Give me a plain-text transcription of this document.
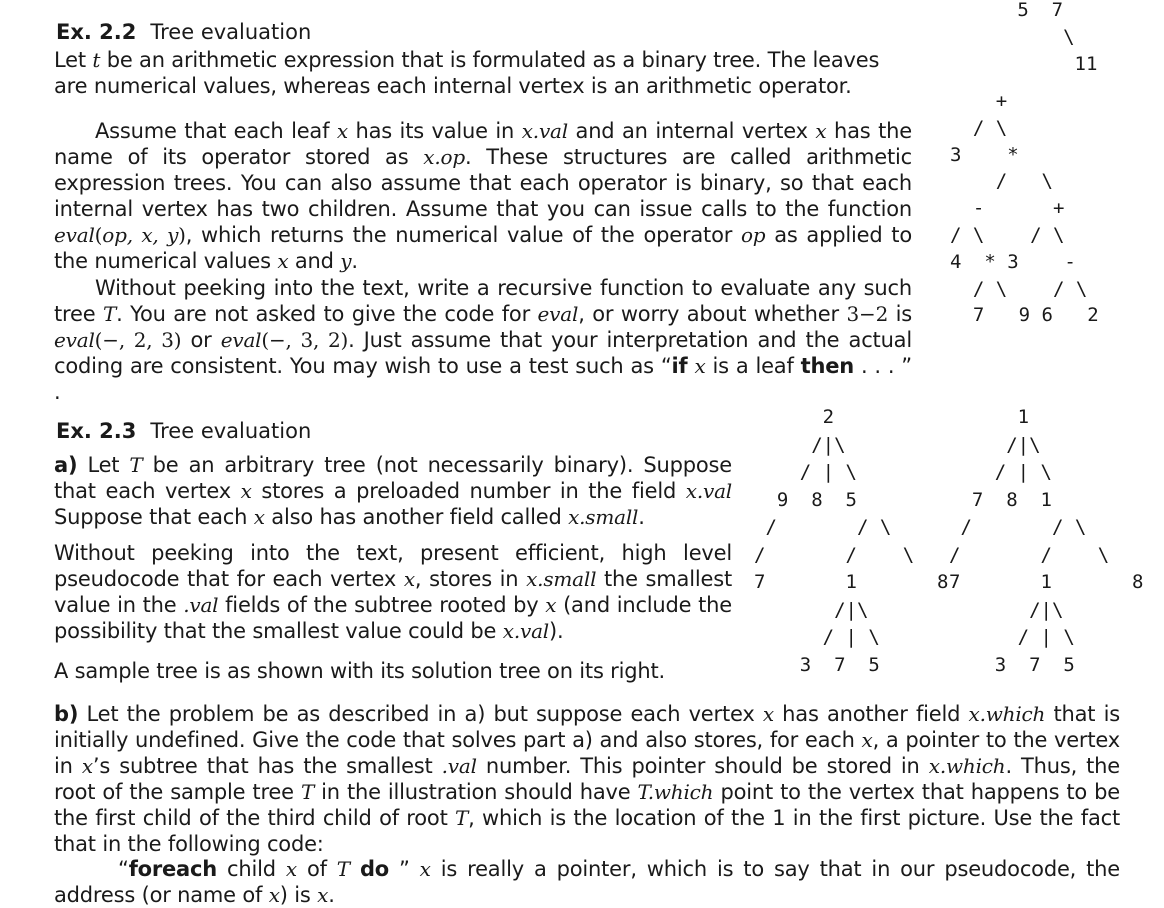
5  7
\
11
Ex. 2.2 Tree evaluation
Let t be an arithmetic expression that is formulated as a binary tree. The leaves are numerical values, whereas each internal vertex is an arithmetic operator.
Assume that each leaf x has its value in x.val and an internal vertex x has the name of its operator stored as x.op. These structures are called arithmetic expression trees. You can also assume that each operator is binary, so that each internal vertex has two children. Assume that you can issue calls to the function eval(op, x, y), which returns the numerical value of the operator op as applied to the numerical values x and y.
Without peeking into the text, write a recursive function to evaluate any such tree T. You are not asked to give the code for eval, or worry about whether 3−2 is eval(−, 2, 3) or eval(−, 3, 2). Just assume that your interpretation and the actual coding are consistent. You may wish to use a test such as “if x is a leaf then . . . ” .
+
/ \
3    *
/   \
-      +
/ \    / \
4  * 3    -
/ \    / \
7   9 6   2
Ex. 2.3 Tree evaluation
a) Let T be an arbitrary tree (not necessarily binary). Suppose that each vertex x stores a preloaded number in the field x.val Suppose that each x also has another field called x.small.
Without peeking into the text, present efficient, high level pseudocode that for each vertex x, stores in x.small the smallest value in the .val fields of the subtree rooted by x (and include the possibility that the smallest value could be x.val).
A sample tree is as shown with its solution tree on its right.
2
/|\
/ | \
9  8  5
/       / \
/       /    \
7       1       8
/|\
/ | \
3  7  5
1
/|\
/ | \
7  8  1
/       / \
/       /    \
7       1       8
/|\
/ | \
3  7  5
b) Let the problem be as described in a) but suppose each vertex x has another field x.which that is initially undefined. Give the code that solves part a) and also stores, for each x, a pointer to the vertex in x’s subtree that has the smallest .val number. This pointer should be stored in x.which. Thus, the root of the sample tree T in the illustration should have T.which point to the vertex that happens to be the first child of the third child of root T, which is the location of the 1 in the first picture. Use the fact that in the following code:
“foreach child x of T do ” x is really a pointer, which is to say that in our pseudocode, the address (or name of x) is x.
